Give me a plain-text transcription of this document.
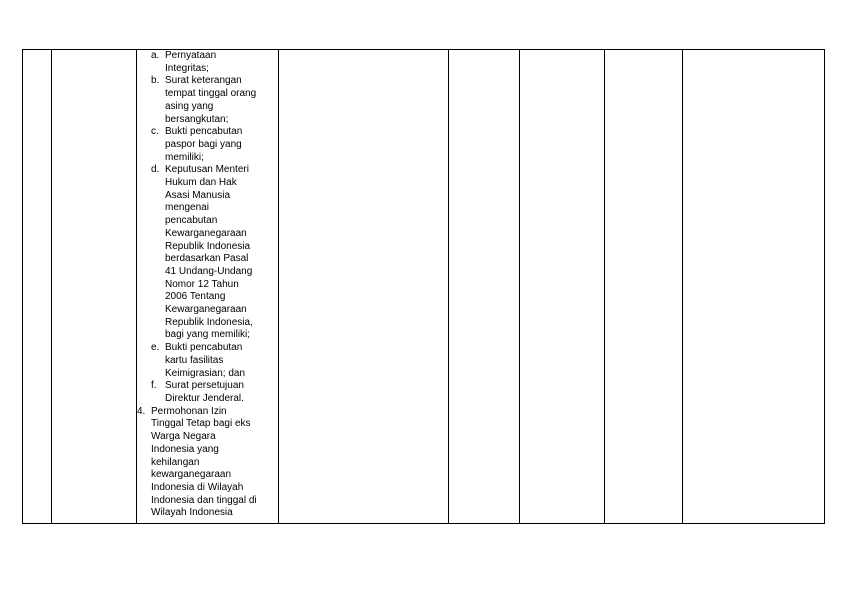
a. Pernyataan
Integritas;
b. Surat keterangan
tempat tinggal orang
asing yang
bersangkutan;
c. Bukti pencabutan
paspor bagi yang
memiliki;
d. Keputusan Menteri
Hukum dan Hak
Asasi Manusia
mengenai
pencabutan
Kewarganegaraan
Republik Indonesia
berdasarkan Pasal
41 Undang-Undang
Nomor 12 Tahun
2006 Tentang
Kewarganegaraan
Republik Indonesia,
bagi yang memiliki;
e. Bukti pencabutan
kartu fasilitas
Keimigrasian; dan
f. Surat persetujuan
Direktur Jenderal.
4. Permohonan Izin
Tinggal Tetap bagi eks
Warga Negara
Indonesia yang
kehilangan
kewarganegaraan
Indonesia di Wilayah
Indonesia dan tinggal di
Wilayah Indonesia
